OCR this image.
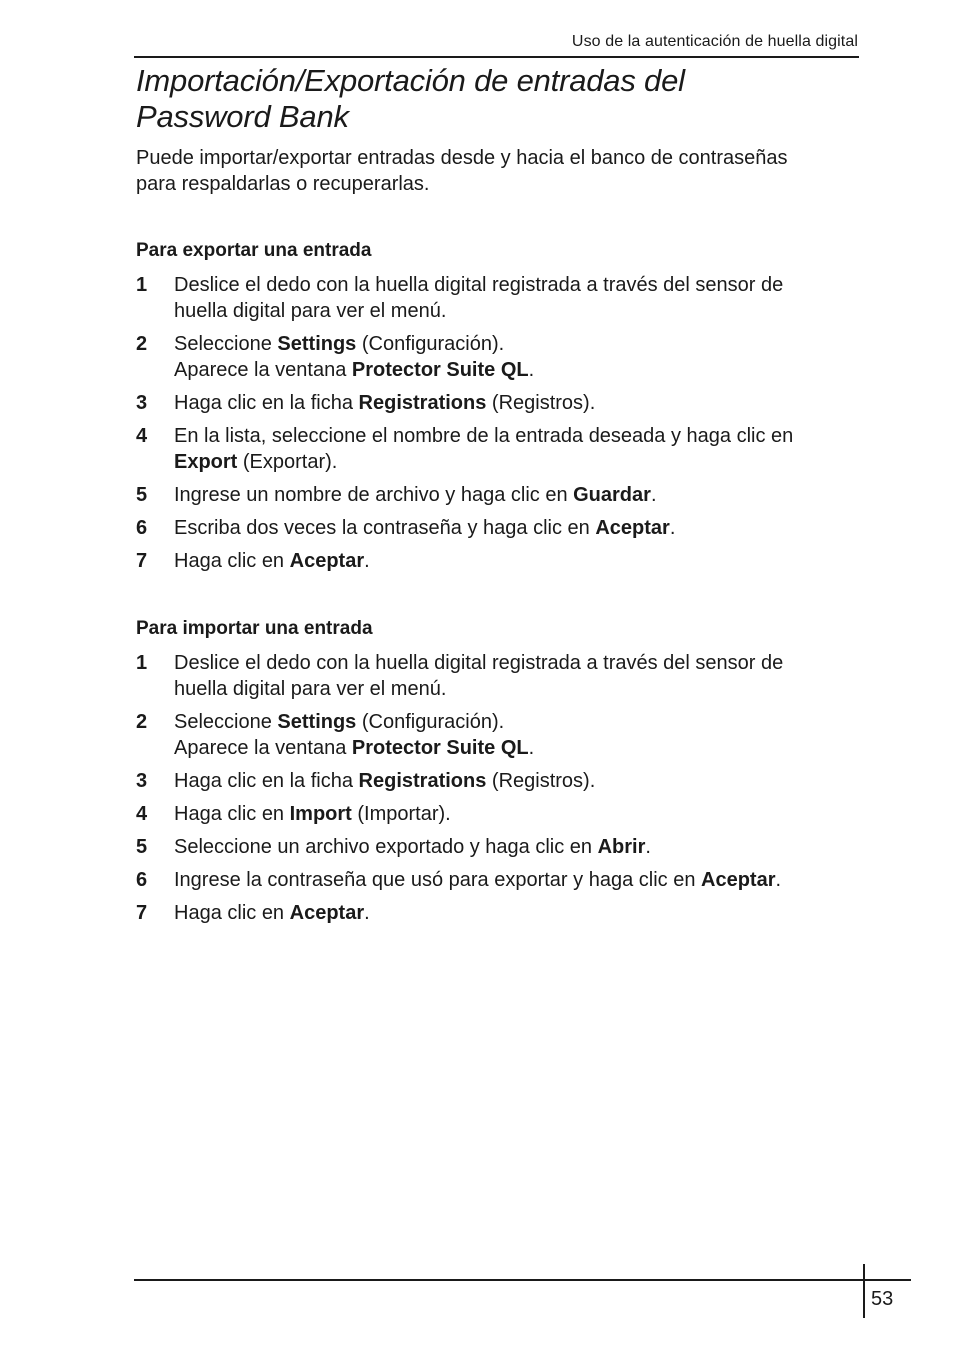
Uso de la autenticación de huella digital
Importación/Exportación de entradas del
Password Bank

Puede importar/exportar entradas desde y hacia el banco de contraseñas
para respaldarlas o recuperarlas.

Para exportar una entrada
1 Deslice el dedo con la huella digital registrada a través del sensor de
huella digital para ver el menú.
2 Seleccione Settings (Configuración).
Aparece la ventana Protector Suite QL.
3 Haga clic en la ficha Registrations (Registros).
4 En la lista, seleccione el nombre de la entrada deseada y haga clic en
Export (Exportar).
5 Ingrese un nombre de archivo y haga clic en Guardar.
6 Escriba dos veces la contraseña y haga clic en Aceptar.
7 Haga clic en Aceptar.
Para importar una entrada
1 Deslice el dedo con la huella digital registrada a través del sensor de
huella digital para ver el menú.
2 Seleccione Settings (Configuración).
Aparece la ventana Protector Suite QL.
3 Haga clic en la ficha Registrations (Registros).
4 Haga clic en Import (Importar).
5 Seleccione un archivo exportado y haga clic en Abrir.
6 Ingrese la contraseña que usó para exportar y haga clic en Aceptar.
7 Haga clic en Aceptar.
53
